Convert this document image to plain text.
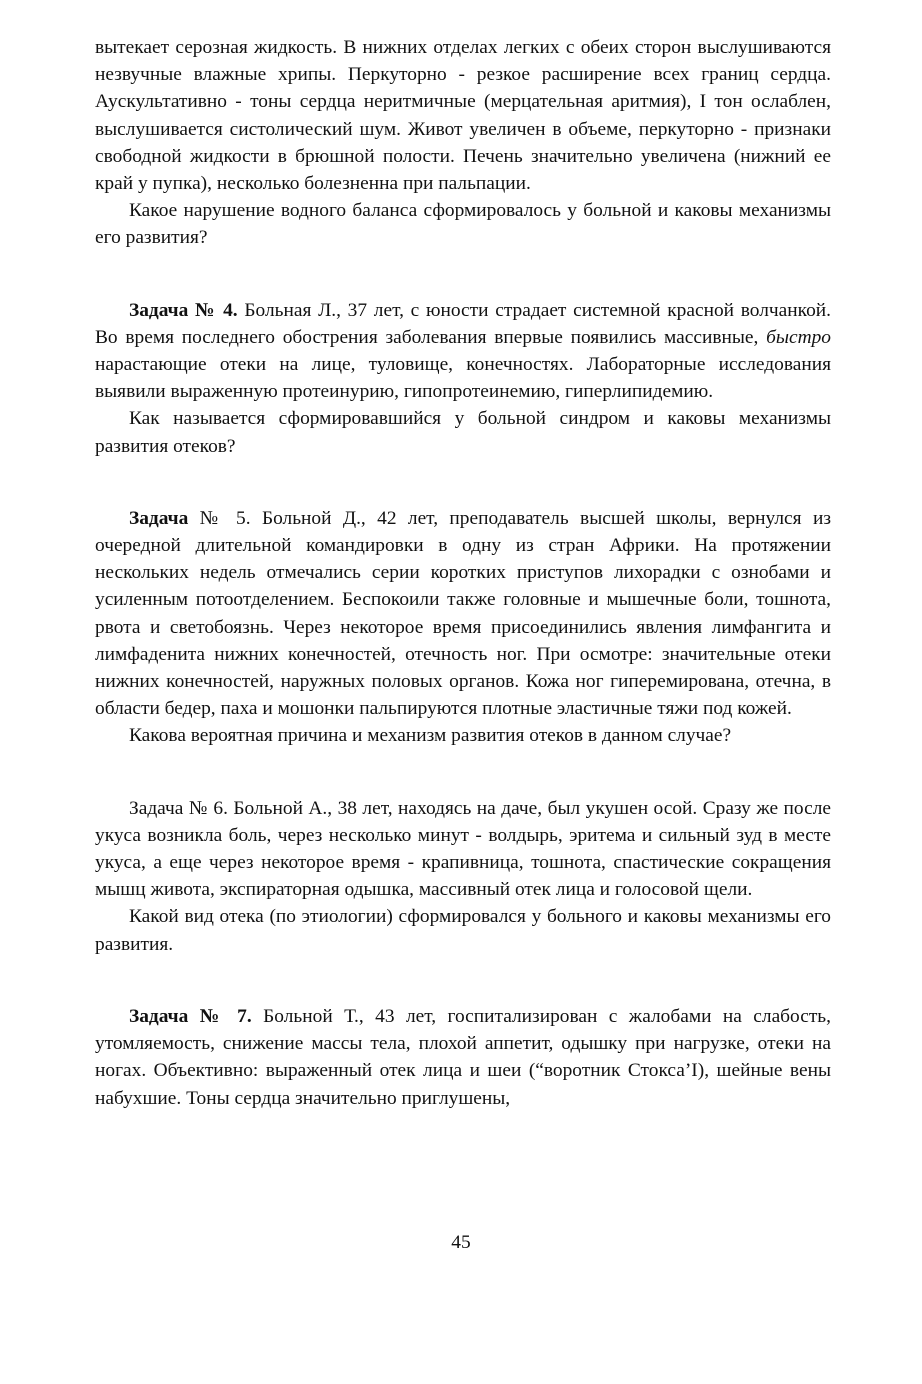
вытекает серозная жидкость. В нижних отделах легких с обеих сторон выслушиваются незвучные влажные хрипы. Перкуторно - резкое расширение всех границ сердца. Аускультативно - тоны сердца неритмичные (мерцательная аритмия), I тон ослаблен, выслушивается систолический шум. Живот увеличен в объеме, перкуторно - признаки свободной жидкости в брюшной полости. Печень значительно увеличена (нижний ее край у пупка), несколько болезненна при пальпации.

Какое нарушение водного баланса сформировалось у больной и каковы механизмы его развития?

Задача № 4. Больная Л., 37 лет, с юности страдает системной красной волчанкой. Во время последнего обострения заболевания впервые появились массивные, быстро нарастающие отеки на лице, туловище, конечностях. Лабораторные исследования выявили выраженную протеинурию, гипопротеинемию, гиперлипидемию.

Как называется сформировавшийся у больной синдром и каковы механизмы развития отеков?

Задача № 5. Больной Д., 42 лет, преподаватель высшей школы, вернулся из очередной длительной командировки в одну из стран Африки. На протяжении нескольких недель отмечались серии коротких приступов лихорадки с ознобами и усиленным потоотделением. Беспокоили также головные и мышечные боли, тошнота, рвота и светобоязнь. Через некоторое время присоединились явления лимфангита и лимфаденита нижних конечностей, отечность ног. При осмотре: значительные отеки нижних конечностей, наружных половых органов. Кожа ног гиперемирована, отечна, в области бедер, паха и мошонки пальпируются плотные эластичные тяжи под кожей.

Какова вероятная причина и механизм развития отеков в данном случае?

Задача № 6. Больной А., 38 лет, находясь на даче, был укушен осой. Сразу же после укуса возникла боль, через несколько минут - волдырь, эритема и сильный зуд в месте укуса, а еще через некоторое время - крапивница, тошнота, спастические сокращения мышц живота, экспираторная одышка, массивный отек лица и голосовой щели.

Какой вид отека (по этиологии) сформировался у больного и каковы механизмы его развития.

Задача № 7. Больной Т., 43 лет, госпитализирован с жалобами на слабость, утомляемость, снижение массы тела, плохой аппетит, одышку при нагрузке, отеки на ногах. Объективно: выраженный отек лица и шеи (“воротник Стокса’I), шейные вены набухшие. Тоны сердца значительно приглушены,

45
